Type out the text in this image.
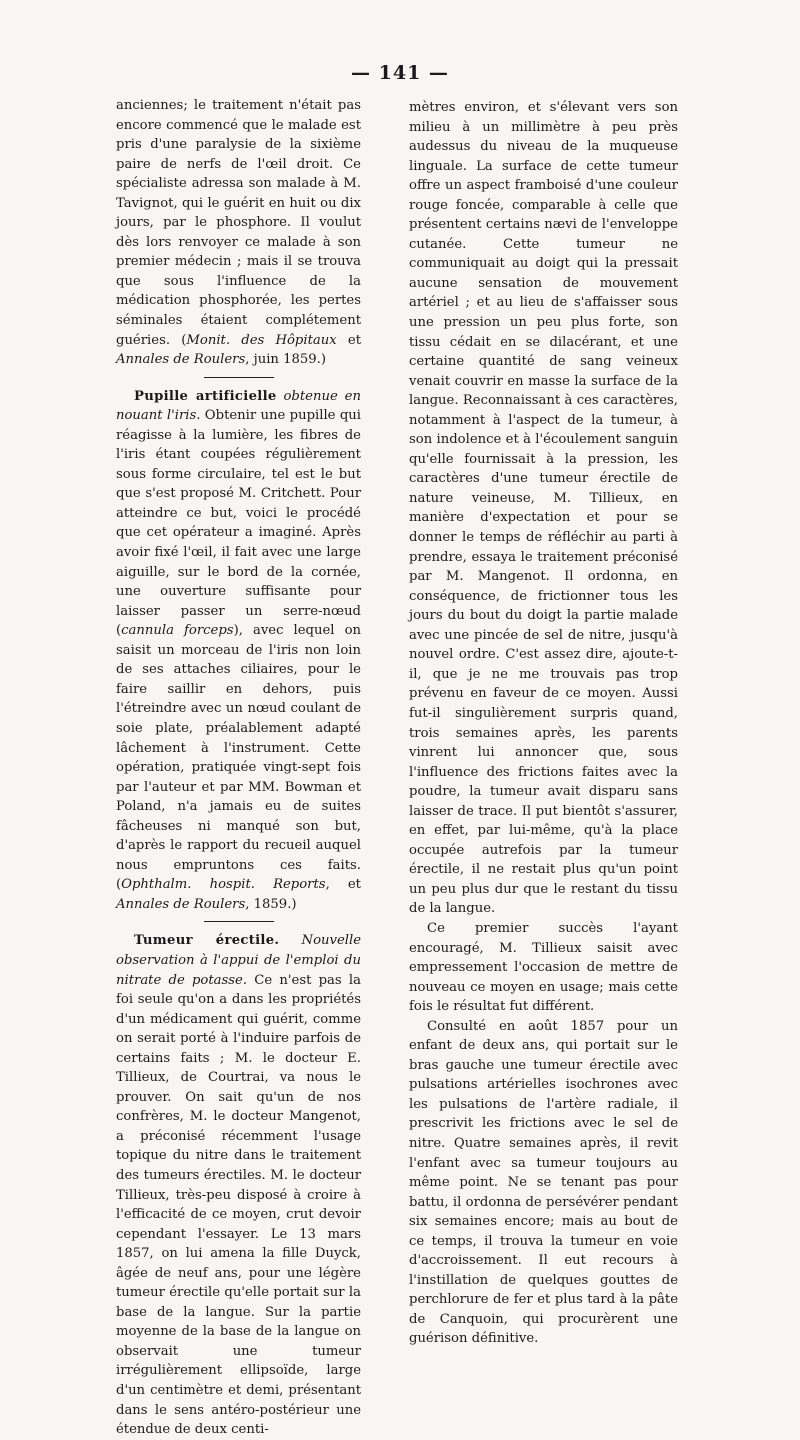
— 141 —

anciennes; le traitement n'était pas encore commencé que le malade est pris d'une paralysie de la sixième paire de nerfs de l'œil droit. Ce spécialiste adressa son malade à M. Tavignot, qui le guérit en huit ou dix jours, par le phosphore. Il voulut dès lors renvoyer ce malade à son premier médecin ; mais il se trouva que sous l'influence de la médication phosphorée, les pertes séminales étaient complétement guéries. (Monit. des Hôpitaux et Annales de Roulers, juin 1859.)

Pupille artificielle obtenue en nouant l'iris. Obtenir une pupille qui réagisse à la lumière, les fibres de l'iris étant coupées régulièrement sous forme circulaire, tel est le but que s'est proposé M. Critchett. Pour atteindre ce but, voici le procédé que cet opérateur a imaginé. Après avoir fixé l'œil, il fait avec une large aiguille, sur le bord de la cornée, une ouverture suffisante pour laisser passer un serre-nœud (cannula forceps), avec lequel on saisit un morceau de l'iris non loin de ses attaches ciliaires, pour le faire saillir en dehors, puis l'étreindre avec un nœud coulant de soie plate, préalablement adapté lâchement à l'instrument. Cette opération, pratiquée vingt-sept fois par l'auteur et par MM. Bowman et Poland, n'a jamais eu de suites fâcheuses ni manqué son but, d'après le rapport du recueil auquel nous empruntons ces faits. (Ophthalm. hospit. Reports, et Annales de Roulers, 1859.)

Tumeur érectile. Nouvelle observation à l'appui de l'emploi du nitrate de potasse. Ce n'est pas la foi seule qu'on a dans les propriétés d'un médicament qui guérit, comme on serait porté à l'induire parfois de certains faits ; M. le docteur E. Tillieux, de Courtrai, va nous le prouver. On sait qu'un de nos confrères, M. le docteur Mangenot, a préconisé récemment l'usage topique du nitre dans le traitement des tumeurs érectiles. M. le docteur Tillieux, très-peu disposé à croire à l'efficacité de ce moyen, crut devoir cependant l'essayer. Le 13 mars 1857, on lui amena la fille Duyck, âgée de neuf ans, pour une légère tumeur érectile qu'elle portait sur la base de la langue. Sur la partie moyenne de la base de la langue on observait une tumeur irrégulièrement ellipsoïde, large d'un centimètre et demi, présentant dans le sens antéro-postérieur une étendue de deux centi-

mètres environ, et s'élevant vers son milieu à un millimètre à peu près audessus du niveau de la muqueuse linguale. La surface de cette tumeur offre un aspect framboisé d'une couleur rouge foncée, comparable à celle que présentent certains nævi de l'enveloppe cutanée. Cette tumeur ne communiquait au doigt qui la pressait aucune sensation de mouvement artériel ; et au lieu de s'affaisser sous une pression un peu plus forte, son tissu cédait en se dilacérant, et une certaine quantité de sang veineux venait couvrir en masse la surface de la langue. Reconnaissant à ces caractères, notamment à l'aspect de la tumeur, à son indolence et à l'écoulement sanguin qu'elle fournissait à la pression, les caractères d'une tumeur érectile de nature veineuse, M. Tillieux, en manière d'expectation et pour se donner le temps de réfléchir au parti à prendre, essaya le traitement préconisé par M. Mangenot. Il ordonna, en conséquence, de frictionner tous les jours du bout du doigt la partie malade avec une pincée de sel de nitre, jusqu'à nouvel ordre. C'est assez dire, ajoute-t-il, que je ne me trouvais pas trop prévenu en faveur de ce moyen. Aussi fut-il singulièrement surpris quand, trois semaines après, les parents vinrent lui annoncer que, sous l'influence des frictions faites avec la poudre, la tumeur avait disparu sans laisser de trace. Il put bientôt s'assurer, en effet, par lui-même, qu'à la place occupée autrefois par la tumeur érectile, il ne restait plus qu'un point un peu plus dur que le restant du tissu de la langue.

Ce premier succès l'ayant encouragé, M. Tillieux saisit avec empressement l'occasion de mettre de nouveau ce moyen en usage; mais cette fois le résultat fut différent.

Consulté en août 1857 pour un enfant de deux ans, qui portait sur le bras gauche une tumeur érectile avec pulsations artérielles isochrones avec les pulsations de l'artère radiale, il prescrivit les frictions avec le sel de nitre. Quatre semaines après, il revit l'enfant avec sa tumeur toujours au même point. Ne se tenant pas pour battu, il ordonna de persévérer pendant six semaines encore; mais au bout de ce temps, il trouva la tumeur en voie d'accroissement. Il eut recours à l'instillation de quelques gouttes de perchlorure de fer et plus tard à la pâte de Canquoin, qui procurèrent une guérison définitive.
